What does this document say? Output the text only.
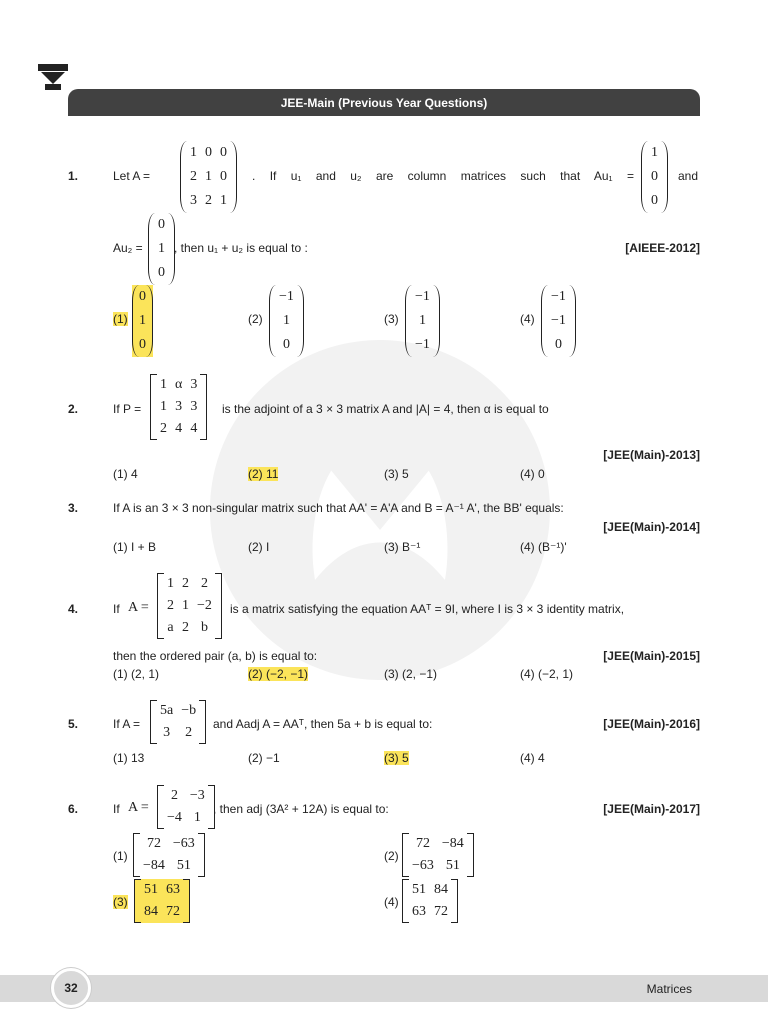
JEE-Main (Previous Year Questions)
1.	Let A =
1	0	0
2	1	0
3	2	1
. If u₁ and u₂ are column matrices such that Au₁ =
1
0
0
and
Au₂ =
0
1
0
, then u₁ + u₂ is equal to :	[AIEEE-2012]
(1)
0
1
0
(2)
−1
1
0
(3)
−1
1
−1
(4)
−1
−1
0
2.	If P =
1	α	3
1	3	3
2	4	4
is the adjoint of a 3 × 3 matrix A and |A| = 4, then α is equal to
[JEE(Main)-2013]
(1) 4	(2) 11	(3) 5	(4) 0
3.	If A is an 3 × 3 non-singular matrix such that AA' = A'A and B = A⁻¹ A', the BB' equals:
[JEE(Main)-2014]
(1) I + B	(2) I	(3) B⁻¹	(4) (B⁻¹)'
4.	If A =
1	2	2
2	1	−2
a	2	b
is a matrix satisfying the equation AAᵀ = 9I, where I is 3 × 3 identity matrix,
then the ordered pair (a, b) is equal to:	[JEE(Main)-2015]
(1) (2, 1)	(2) (−2, −1)	(3) (2, −1)	(4) (−2, 1)
5.	If A =
5a	−b
3	2
and Aadj A = AAᵀ, then 5a + b is equal to:	[JEE(Main)-2016]
(1) 13	(2) −1	(3) 5	(4) 4
6.	If A =
2	−3
−4	1
, then adj (3A² + 12A) is equal to:	[JEE(Main)-2017]
(1)
72	−63
−84	51
(2)
72	−84
−63	51
(3)
51	63
84	72
(4)
51	84
63	72
32	Matrices
